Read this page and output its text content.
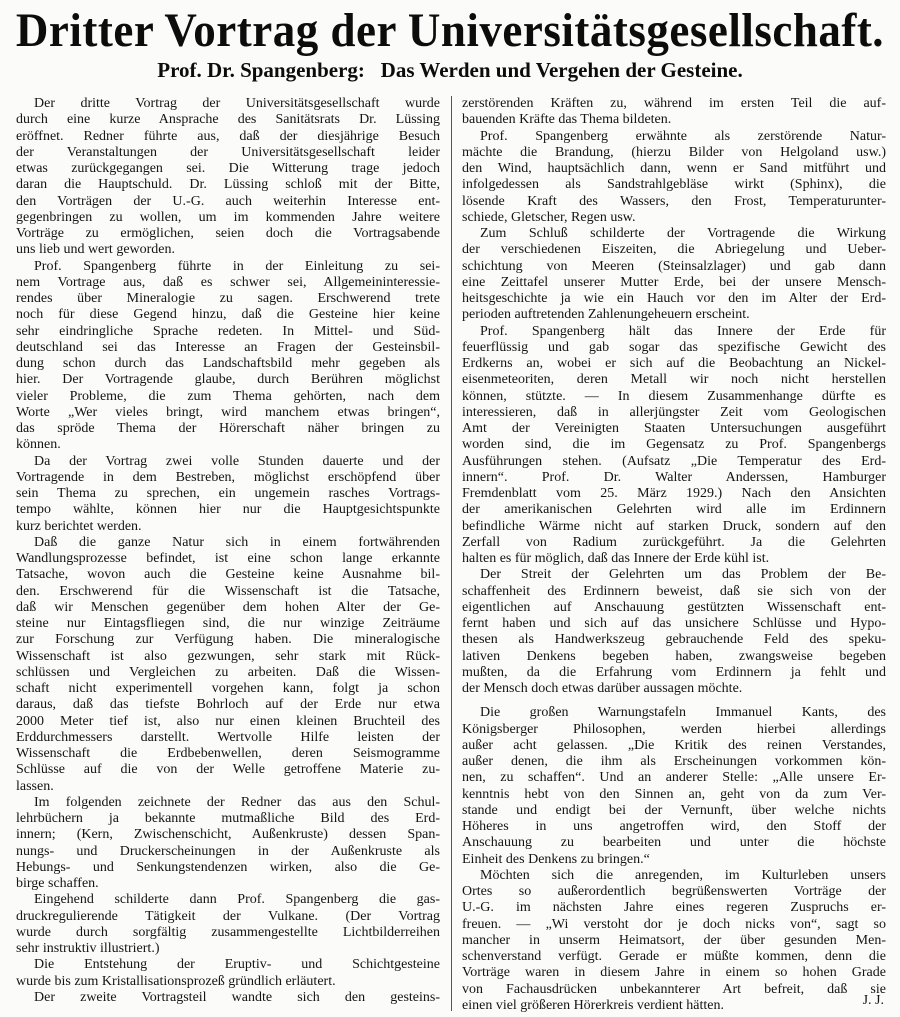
Dritter Vortrag der Universitätsgesellschaft.
Prof. Dr. Spangenberg:   Das Werden und Vergehen der Gesteine.
Der dritte Vortrag der Universitätsgesellschaft wurde
durch eine kurze Ansprache des Sanitätsrats Dr. Lüssing
eröffnet. Redner führte aus, daß der diesjährige Besuch
der Veranstaltungen der Universitätsgesellschaft leider
etwas zurückgegangen sei. Die Witterung trage jedoch
daran die Hauptschuld. Dr. Lüssing schloß mit der Bitte,
den Vorträgen der U.-G. auch weiterhin Interesse ent-
gegenbringen zu wollen, um im kommenden Jahre weitere
Vorträge zu ermöglichen, seien doch die Vortragsabende
uns lieb und wert geworden.
Prof. Spangenberg führte in der Einleitung zu sei-
nem Vortrage aus, daß es schwer sei, Allgemeininteressie-
rendes über Mineralogie zu sagen. Erschwerend trete
noch für diese Gegend hinzu, daß die Gesteine hier keine
sehr eindringliche Sprache redeten. In Mittel- und Süd-
deutschland sei das Interesse an Fragen der Gesteinsbil-
dung schon durch das Landschaftsbild mehr gegeben als
hier. Der Vortragende glaube, durch Berühren möglichst
vieler Probleme, die zum Thema gehörten, nach dem
Worte „Wer vieles bringt, wird manchem etwas bringen“,
das spröde Thema der Hörerschaft näher bringen zu
können.
Da der Vortrag zwei volle Stunden dauerte und der
Vortragende in dem Bestreben, möglichst erschöpfend über
sein Thema zu sprechen, ein ungemein rasches Vortrags-
tempo wählte, können hier nur die Hauptgesichtspunkte
kurz berichtet werden.
Daß die ganze Natur sich in einem fortwährenden
Wandlungsprozesse befindet, ist eine schon lange erkannte
Tatsache, wovon auch die Gesteine keine Ausnahme bil-
den. Erschwerend für die Wissenschaft ist die Tatsache,
daß wir Menschen gegenüber dem hohen Alter der Ge-
steine nur Eintagsfliegen sind, die nur winzige Zeiträume
zur Forschung zur Verfügung haben. Die mineralogische
Wissenschaft ist also gezwungen, sehr stark mit Rück-
schlüssen und Vergleichen zu arbeiten. Daß die Wissen-
schaft nicht experimentell vorgehen kann, folgt ja schon
daraus, daß das tiefste Bohrloch auf der Erde nur etwa
2000 Meter tief ist, also nur einen kleinen Bruchteil des
Erddurchmessers darstellt. Wertvolle Hilfe leisten der
Wissenschaft die Erdbebenwellen, deren Seismogramme
Schlüsse auf die von der Welle getroffene Materie zu-
lassen.
Im folgenden zeichnete der Redner das aus den Schul-
lehrbüchern ja bekannte mutmaßliche Bild des Erd-
innern; (Kern, Zwischenschicht, Außenkruste) dessen Span-
nungs- und Druckerscheinungen in der Außenkruste als
Hebungs- und Senkungstendenzen wirken, also die Ge-
birge schaffen.
Eingehend schilderte dann Prof. Spangenberg die gas-
druckregulierende Tätigkeit der Vulkane. (Der Vortrag
wurde durch sorgfältig zusammengestellte Lichtbilderreihen
sehr instruktiv illustriert.)
Die Entstehung der Eruptiv- und Schichtgesteine
wurde bis zum Kristallisationsprozeß gründlich erläutert.
Der zweite Vortragsteil wandte sich den gesteins-
zerstörenden Kräften zu, während im ersten Teil die auf-
bauenden Kräfte das Thema bildeten.
Prof. Spangenberg erwähnte als zerstörende Natur-
mächte die Brandung, (hierzu Bilder von Helgoland usw.)
den Wind, hauptsächlich dann, wenn er Sand mitführt und
infolgedessen als Sandstrahlgebläse wirkt (Sphinx), die
lösende Kraft des Wassers, den Frost, Temperaturunter-
schiede, Gletscher, Regen usw.
Zum Schluß schilderte der Vortragende die Wirkung
der verschiedenen Eiszeiten, die Abriegelung und Ueber-
schichtung von Meeren (Steinsalzlager) und gab dann
eine Zeittafel unserer Mutter Erde, bei der unsere Mensch-
heitsgeschichte ja wie ein Hauch vor den im Alter der Erd-
perioden auftretenden Zahlenungeheuern erscheint.
Prof. Spangenberg hält das Innere der Erde für
feuerflüssig und gab sogar das spezifische Gewicht des
Erdkerns an, wobei er sich auf die Beobachtung an Nickel-
eisenmeteoriten, deren Metall wir noch nicht herstellen
können, stützte. — In diesem Zusammenhange dürfte es
interessieren, daß in allerjüngster Zeit vom Geologischen
Amt der Vereinigten Staaten Untersuchungen ausgeführt
worden sind, die im Gegensatz zu Prof. Spangenbergs
Ausführungen stehen. (Aufsatz „Die Temperatur des Erd-
innern“. Prof. Dr. Walter Anderssen, Hamburger
Fremdenblatt vom 25. März 1929.) Nach den Ansichten
der amerikanischen Gelehrten wird alle im Erdinnern
befindliche Wärme nicht auf starken Druck, sondern auf den
Zerfall von Radium zurückgeführt. Ja die Gelehrten
halten es für möglich, daß das Innere der Erde kühl ist.
Der Streit der Gelehrten um das Problem der Be-
schaffenheit des Erdinnern beweist, daß sie sich von der
eigentlichen auf Anschauung gestützten Wissenschaft ent-
fernt haben und sich auf das unsichere Schlüsse und Hypo-
thesen als Handwerkszeug gebrauchende Feld des speku-
lativen Denkens begeben haben, zwangsweise begeben
mußten, da die Erfahrung vom Erdinnern ja fehlt und
der Mensch doch etwas darüber aussagen möchte.
Die großen Warnungstafeln Immanuel Kants, des
Königsberger Philosophen, werden hierbei allerdings
außer acht gelassen. „Die Kritik des reinen Verstandes,
außer denen, die ihm als Erscheinungen vorkommen kön-
nen, zu schaffen“. Und an anderer Stelle: „Alle unsere Er-
kenntnis hebt von den Sinnen an, geht von da zum Ver-
stande und endigt bei der Vernunft, über welche nichts
Höheres in uns angetroffen wird, den Stoff der
Anschauung zu bearbeiten und unter die höchste
Einheit des Denkens zu bringen.“
Möchten sich die anregenden, im Kulturleben unsers
Ortes so außerordentlich begrüßenswerten Vorträge der
U.-G. im nächsten Jahre eines regeren Zuspruchs er-
freuen. — „Wi verstoht dor je doch nicks von“, sagt so
mancher in unserm Heimatsort, der über gesunden Men-
schenverstand verfügt. Gerade er müßte kommen, denn die
Vorträge waren in diesem Jahre in einem so hohen Grade
von Fachausdrücken unbekannterer Art befreit, daß sie
einen viel größeren Hörerkreis verdient hätten.	J. J.
